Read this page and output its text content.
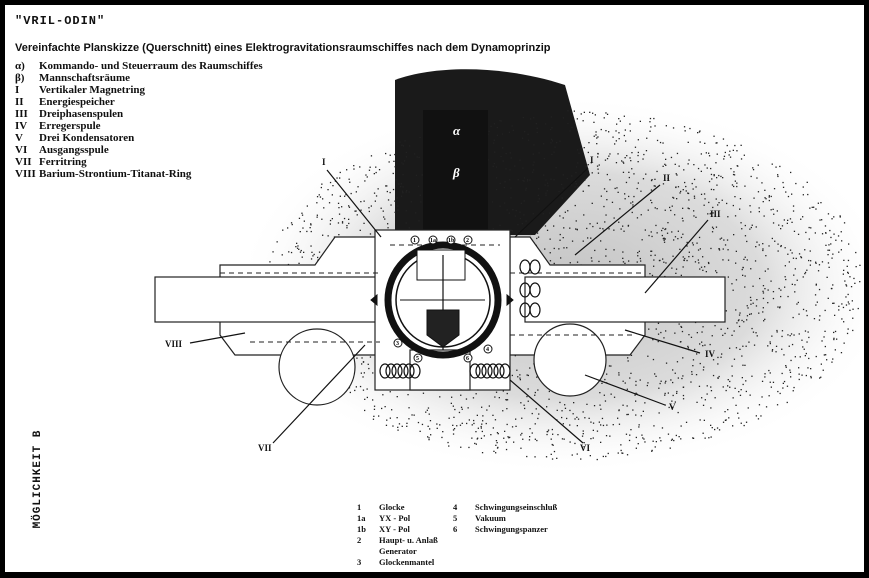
α
β
I	I
II
III
IV
V
VI
VII
VIII
1 1a 1b 2
3
4
5	6
"VRIL-ODIN"
Vereinfachte Planskizze (Querschnitt) eines Elektrogravitationsraumschiffes nach dem Dynamoprinzip
α) Kommando- und Steuerraum des Raumschiffes
β) Mannschaftsräume
I Vertikaler Magnetring
II Energiespeicher
III Dreiphasenspulen
IV Erregerspule
V Drei Kondensatoren
VI Ausgangsspule
VII Ferritring
VIII Barium-Strontium-Titanat-Ring
MÖGLICHKEIT B	1 Glocke
1a YX - Pol
1b XY - Pol
2 Haupt- u. Anlaß
Generator
3 Glockenmantel
4 Schwingungseinschluß
5 Vakuum
6 Schwingungspanzer
